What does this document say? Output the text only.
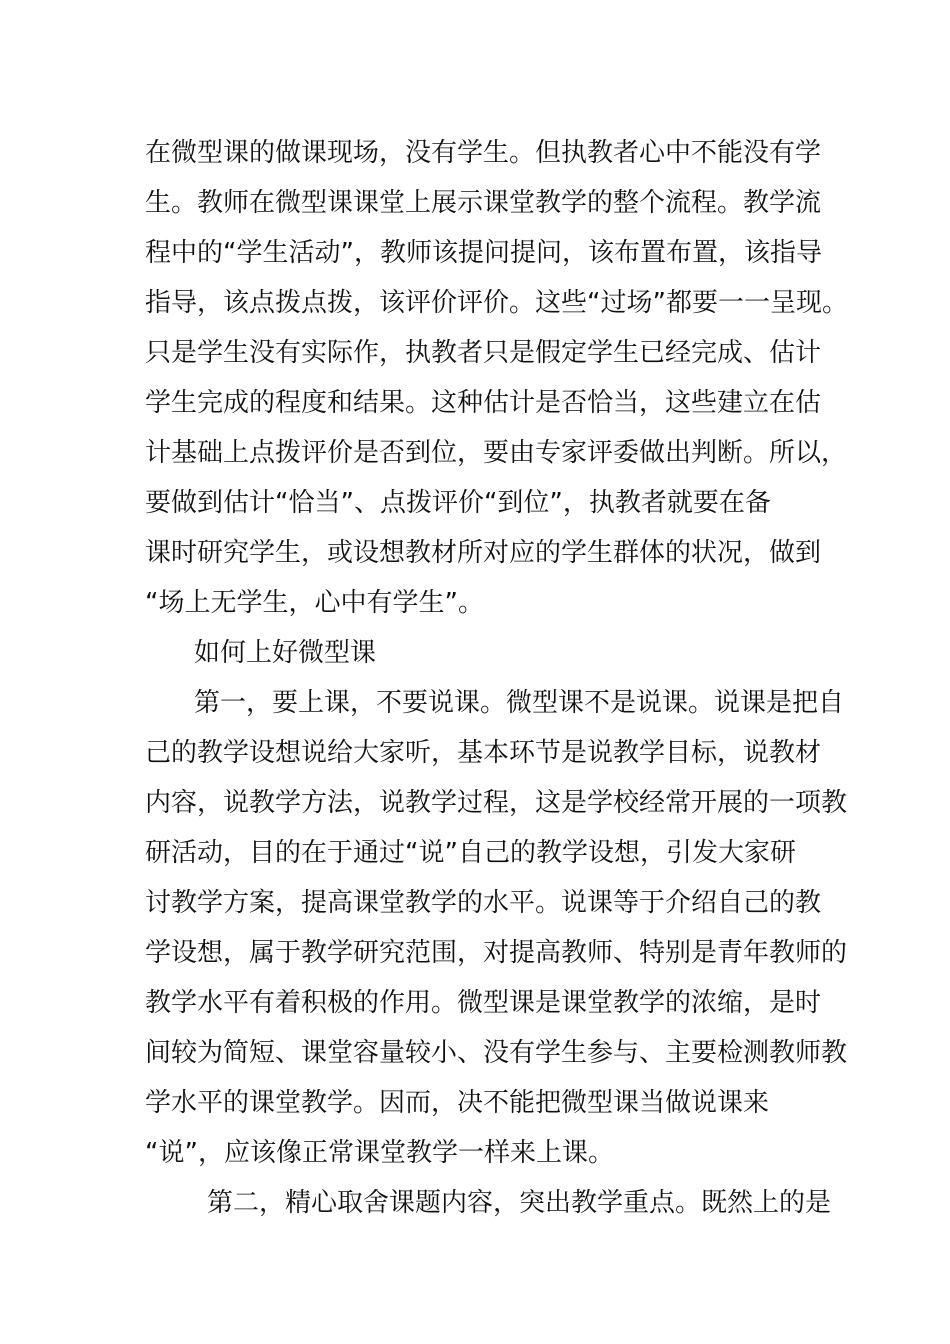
在微型课的做课现场，没有学生。但执教者心中不能没有学
生。教师在微型课课堂上展示课堂教学的整个流程。教学流
程中的“学生活动”，教师该提问提问，该布置布置，该指导
指导，该点拨点拨，该评价评价。这些“过场”都要一一呈现。
只是学生没有实际作，执教者只是假定学生已经完成、估计
学生完成的程度和结果。这种估计是否恰当，这些建立在估
计基础上点拨评价是否到位，要由专家评委做出判断。所以，
要做到估计“恰当”、点拨评价“到位”，执教者就要在备
课时研究学生，或设想教材所对应的学生群体的状况，做到
“场上无学生，心中有学生”。
如何上好微型课
第一，要上课，不要说课。微型课不是说课。说课是把自
己的教学设想说给大家听，基本环节是说教学目标，说教材
内容，说教学方法，说教学过程，这是学校经常开展的一项教
研活动，目的在于通过“说”自己的教学设想，引发大家研
讨教学方案，提高课堂教学的水平。说课等于介绍自己的教
学设想，属于教学研究范围，对提高教师、特别是青年教师的
教学水平有着积极的作用。微型课是课堂教学的浓缩，是时
间较为简短、课堂容量较小、没有学生参与、主要检测教师教
学水平的课堂教学。因而，决不能把微型课当做说课来
“说”，应该像正常课堂教学一样来上课。
第二，精心取舍课题内容，突出教学重点。既然上的是
